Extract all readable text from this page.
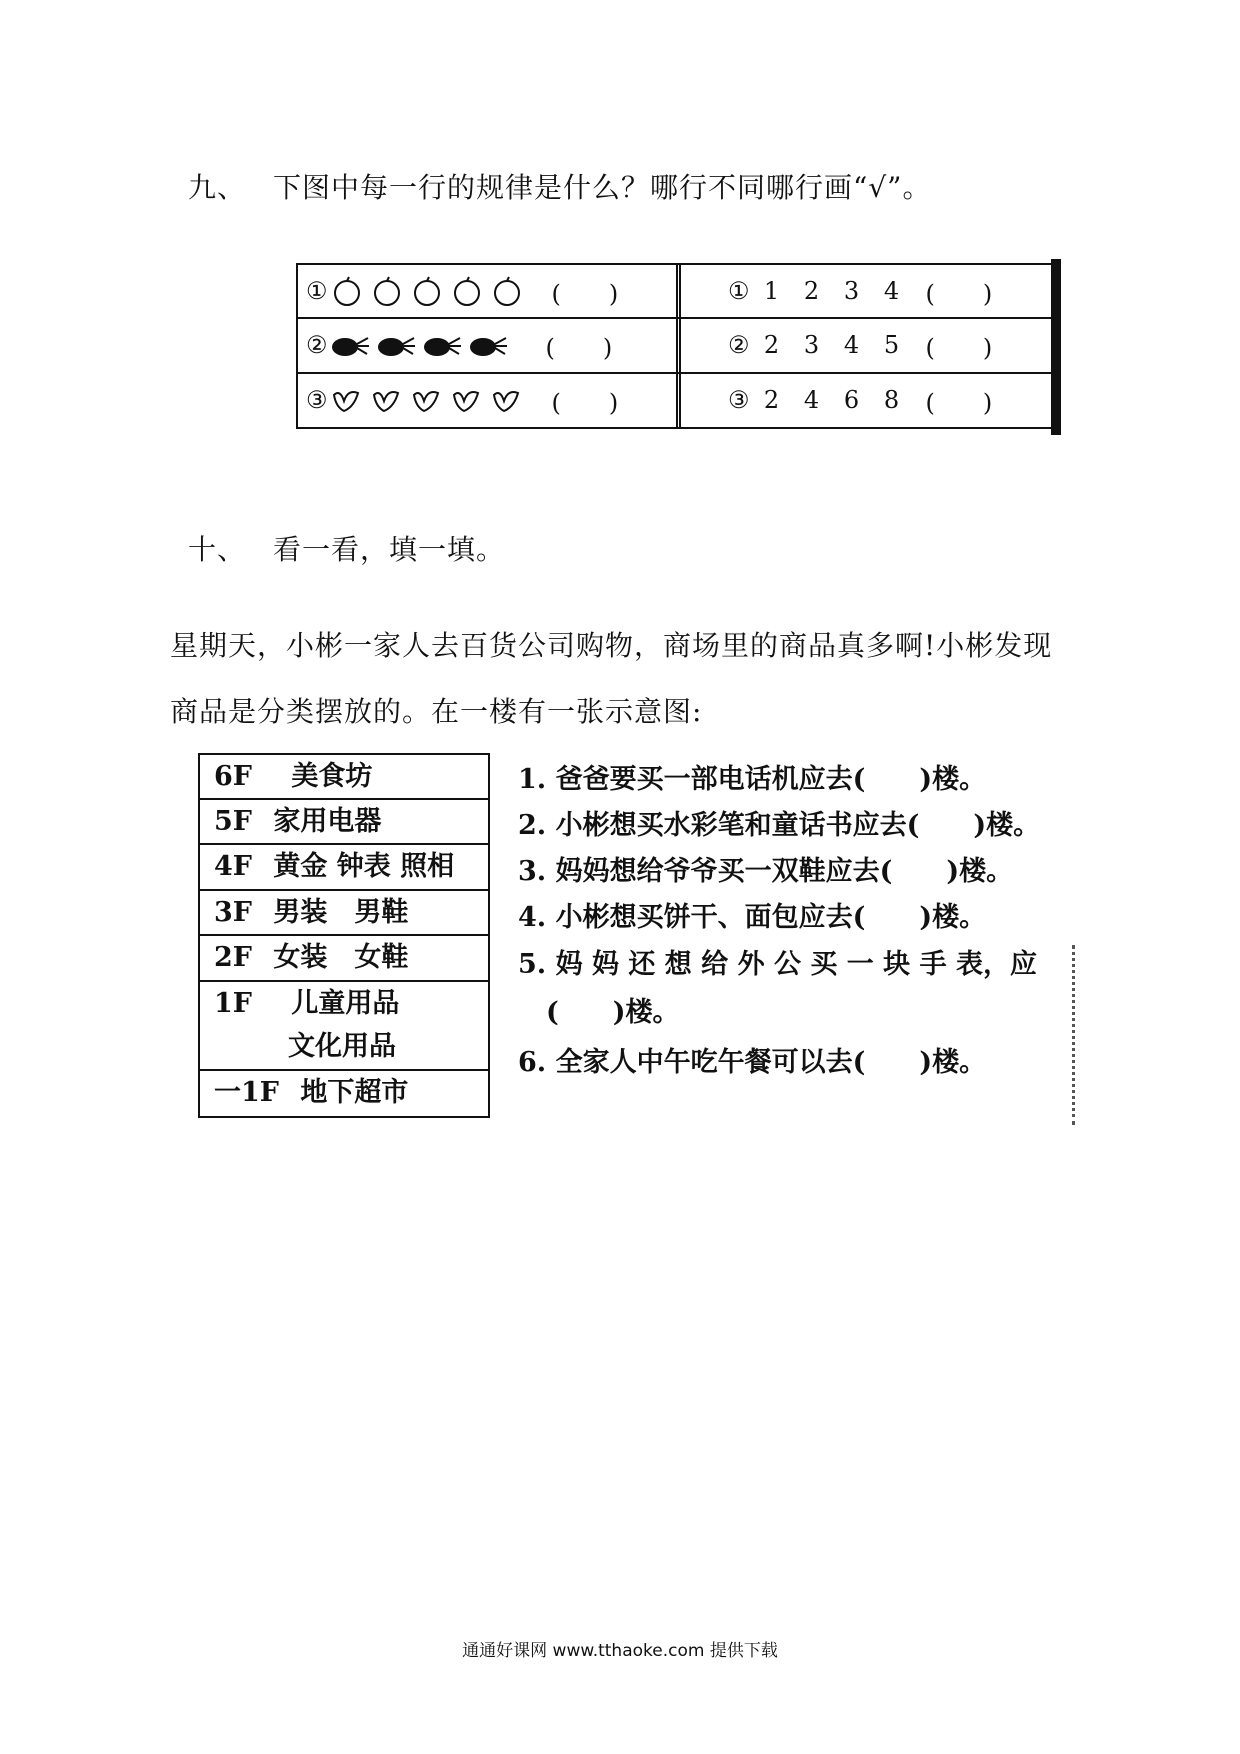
九、 下图中每一行的规律是什么？哪行不同哪行画“√”。
①	(　　)
②	(　　)
③	(　　)
① 1	2	3	4	(　　)
② 2	3	4	5	(　　)
③ 2	4	6	8	(　　)
十、 看一看，填一填。
星期天，小彬一家人去百货公司购物，商场里的商品真多啊!小彬发现
商品是分类摆放的。在一楼有一张示意图:
6F 美食坊
5F 家用电器
4F 黄金 钟表 照相
3F 男装　男鞋
2F 女装　女鞋
1F 儿童用品
文化用品
一1F 地下超市
1. 爸爸要买一部电话机应去(　　)楼。
2. 小彬想买水彩笔和童话书应去(　　)楼。
3. 妈妈想给爷爷买一双鞋应去(　　)楼。
4. 小彬想买饼干、面包应去(　　)楼。
5. 妈 妈 还 想 给 外 公 买 一 块 手 表，应
(　　)楼。
6. 全家人中午吃午餐可以去(　　)楼。
通通好课网 www.tthaoke.com 提供下载
